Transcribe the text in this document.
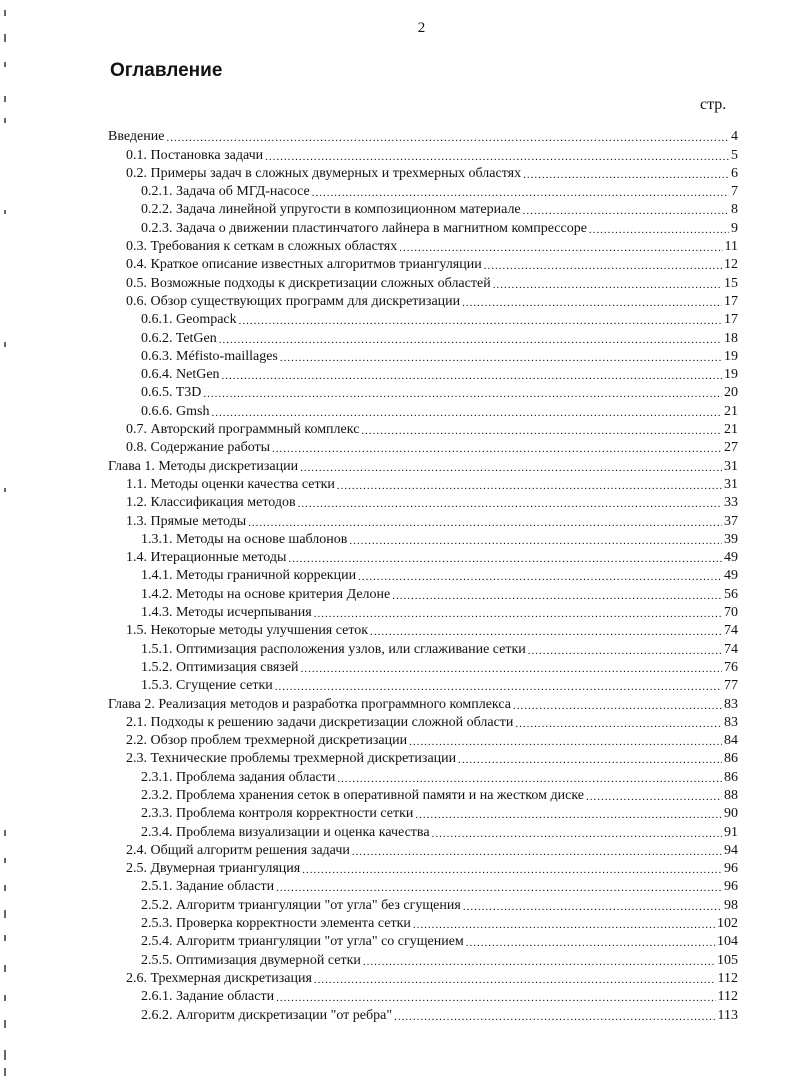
2
Оглавление
стр.
Введение .....	4
0.1. Постановка задачи .....	5
0.2. Примеры задач в сложных двумерных и трехмерных областях .....	6
0.2.1. Задача об МГД-насосе .....	7
0.2.2. Задача линейной упругости в композиционном материале .....	8
0.2.3. Задача о движении пластинчатого лайнера в магнитном компрессоре .....	9
0.3. Требования к сеткам в сложных областях .....	11
0.4. Краткое описание известных алгоритмов триангуляции .....	12
0.5. Возможные подходы к дискретизации сложных областей .....	15
0.6. Обзор существующих программ для дискретизации .....	17
0.6.1. Geompack .....	17
0.6.2. TetGen .....	18
0.6.3. Méfisto-maillages .....	19
0.6.4. NetGen .....	19
0.6.5. T3D .....	20
0.6.6. Gmsh .....	21
0.7. Авторский программный комплекс .....	21
0.8. Содержание работы .....	27
Глава 1. Методы дискретизации .....	31
1.1. Методы оценки качества сетки .....	31
1.2. Классификация методов .....	33
1.3. Прямые методы .....	37
1.3.1. Методы на основе шаблонов .....	39
1.4. Итерационные методы .....	49
1.4.1. Методы граничной коррекции .....	49
1.4.2. Методы на основе критерия Делоне .....	56
1.4.3. Методы исчерпывания .....	70
1.5. Некоторые методы улучшения сеток .....	74
1.5.1. Оптимизация расположения узлов, или сглаживание сетки .....	74
1.5.2. Оптимизация связей .....	76
1.5.3. Сгущение сетки .....	77
Глава 2. Реализация методов и разработка программного комплекса .....	83
2.1. Подходы к решению задачи дискретизации сложной области .....	83
2.2. Обзор проблем трехмерной дискретизации .....	84
2.3. Технические проблемы трехмерной дискретизации .....	86
2.3.1. Проблема задания области .....	86
2.3.2. Проблема хранения сеток в оперативной памяти и на жестком диске .....	88
2.3.3. Проблема контроля корректности сетки .....	90
2.3.4. Проблема визуализации и оценка качества .....	91
2.4. Общий алгоритм решения задачи .....	94
2.5. Двумерная триангуляция .....	96
2.5.1. Задание области .....	96
2.5.2. Алгоритм триангуляции "от угла" без сгущения .....	98
2.5.3. Проверка корректности элемента сетки .....	102
2.5.4. Алгоритм триангуляции "от угла" со сгущением .....	104
2.5.5. Оптимизация двумерной сетки .....	105
2.6. Трехмерная дискретизация .....	112
2.6.1. Задание области .....	112
2.6.2. Алгоритм дискретизации "от ребра" .....	113
